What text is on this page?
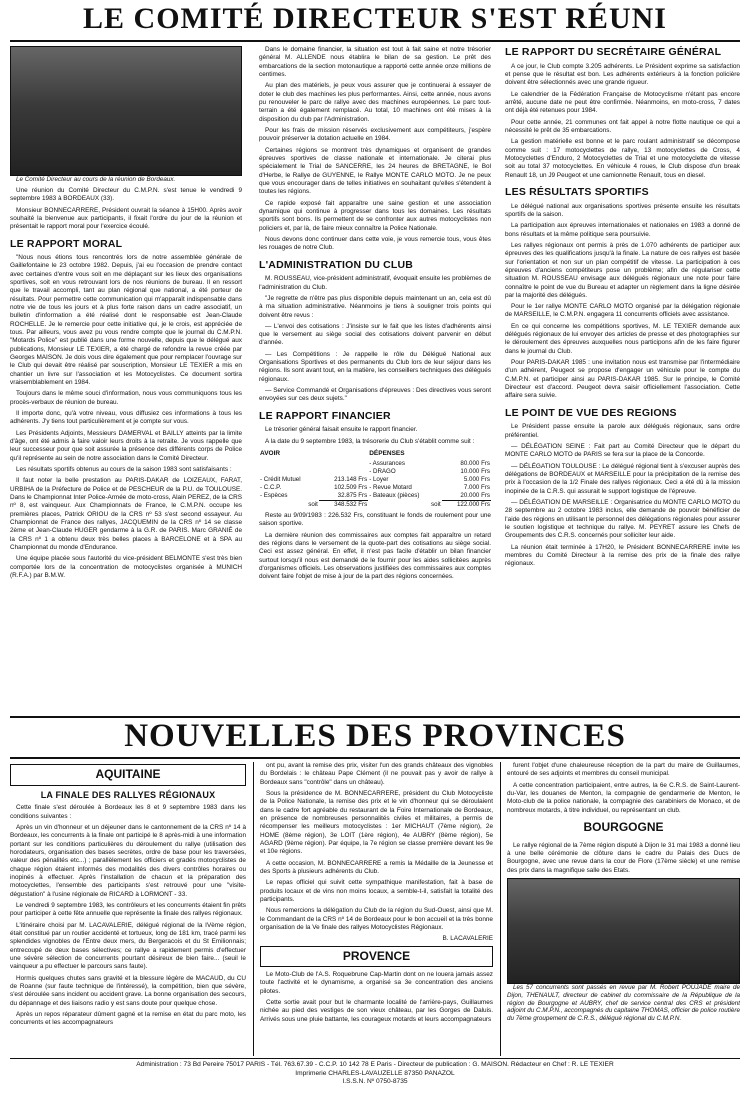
LE COMITÉ DIRECTEUR S'EST RÉUNI

Le Comité Directeur au cours de la réunion de Bordeaux.

Une réunion du Comité Directeur du C.M.P.N. s'est tenue le vendredi 9 septembre 1983 à BORDEAUX (33).

Monsieur BONNECARRERE, Président ouvrait la séance à 15H00. Après avoir souhaité la bienvenue aux participants, il fixait l'ordre du jour de la réunion et présentait le rapport moral pour l'exercice écoulé.

LE RAPPORT MORAL

"Nous nous étions tous rencontrés lors de notre assemblée générale de Gaillefontaine le 23 octobre 1982. Depuis, j'ai eu l'occasion de prendre contact avec certaines d'entre vous soit en me déplaçant sur les lieux des organisations sportives, soit en vous retrouvant lors de nos réunions de bureau. Il en ressort que le travail accompli, tant au plan régional que national, a été porteur de résultats. Pour permettre cette communication qui m'apparaît indispensable dans notre vie de tous les jours et à plus forte raison dans un cadre associatif, un bulletin d'information a été réalisé dont le responsable est Jean-Claude ROCHELLE. Je le remercie pour cette initiative qui, je le crois, est appréciée de tous. Par ailleurs, vous avez pu vous rendre compte que le journal du C.M.P.N. "Motards Police" est publié dans une forme nouvelle, depuis que le délégué aux publications, Monsieur LE TEXIER, a été chargé de refondre la revue créée par Georges MAISON. Je dois vous dire également que pour remplacer l'ouvrage sur le Club qui devait être réalisé par souscription, Monsieur LE TEXIER a mis en chantier un livre sur l'association et les Motocyclistes. Ce document sortira vraisemblablement en 1984.

Toujours dans le même souci d'information, nous vous communiquons tous les procès-verbaux de réunion de bureau.

Il importe donc, qu'à votre niveau, vous diffusiez ces informations à tous les adhérents. J'y tiens tout particulièrement et je compte sur vous.

Les Présidents Adjoints, Messieurs DAMERVAL et BAILLY atteints par la limite d'âge, ont été admis à faire valoir leurs droits à la retraite. Je vous rappelle que leur successeur pour que soit assurée la présence des différents corps de Police qu'il représente au sein de notre association dans le Comité Directeur.

Les résultats sportifs obtenus au cours de la saison 1983 sont satisfaisants :

Il faut noter la belle prestation au PARIS-DAKAR de LOIZEAUX, FARAT, URBIHA de la Préfecture de Police et de PESCHEUR de la P.U. de TOULOUSE. Dans le Championnat Inter Police-Armée de moto-cross, Alain PEREZ, de la CRS nº 8, est vainqueur. Aux Championnats de France, le C.M.P.N. occupe les premières places, Patrick ORIOU de la CRS nº 53 s'est second essayeur. Au Championnat de France des rallyes, JACQUEMIN de la CRS nº 14 se classe 2ème et Jean-Claude HUGER gendarme à la G.R. de PARIS. Marc GRANIÉ de la CRS nº 1 a obtenu deux très belles places à BARCELONE et à SPA au Championnat du monde d'Endurance.

Une équipe placée sous l'autorité du vice-président BELMONTE s'est très bien comportée lors de la concentration de motocyclistes organisée à MUNICH (R.F.A.) par B.M.W.

Dans le domaine financier, la situation est tout à fait saine et notre trésorier général M. ALLENDE nous établira le bilan de sa gestion. Le prêt des embarcations de la section motonautique a rapporté cette année onze millions de centimes.

Au plan des matériels, je peux vous assurer que je continuerai à essayer de doter le club des machines les plus performantes. Ainsi, cette année, nous avons pu renouveler le parc de rallye avec des machines européennes. Le parc tout-terrain a été également remplacé. Au total, 10 machines ont été mises à la disposition du club par l'Administration.

Pour les frais de mission réservés exclusivement aux compétiteurs, j'espère pouvoir préserver la dotation actuelle en 1984.

Certaines régions se montrent très dynamiques et organisent de grandes épreuves sportives de classe nationale et internationale. Je citerai plus spécialement le Trial de SANCERRE, les 24 heures de BRETAGNE, le Bol d'Herbe, le Rallye de GUYENNE, le Rallye MONTE CARLO MOTO. Je ne peux que vous encourager dans de telles initiatives en souhaitant qu'elles s'étendent à toutes les régions.

Ce rapide exposé fait apparaître une saine gestion et une association dynamique qui continue à progresser dans tous les domaines. Les résultats sportifs sont bons. Ils permettent de se confronter aux autres motocyclistes non policiers et, par là, de faire mieux connaître la Police Nationale.

Nous devons donc continuer dans cette voie, je vous remercie tous, vous êtes les rouages de notre Club.

L'ADMINISTRATION DU CLUB

M. ROUSSEAU, vice-président administratif, évoquait ensuite les problèmes de l'administration du Club.

"Je regrette de n'être pas plus disponible depuis maintenant un an, cela est dû à ma situation administrative. Néanmoins je tiens à souligner trois points qui doivent être revus :

— L'envoi des cotisations : J'insiste sur le fait que les listes d'adhérents ainsi que le versement au siège social des cotisations doivent parvenir en début d'année.

— Les Compétitions : Je rappelle le rôle du Délégué National aux Organisations Sportives et des permanents du Club lors de leur séjour dans les régions. Ils sont avant tout, en la matière, les conseillers techniques des délégués régionaux.

— Service Commandé et Organisations d'épreuves : Des directives vous seront envoyées sur ces deux sujets."

LE RAPPORT FINANCIER

Le trésorier général faisait ensuite le rapport financier.

A la date du 9 septembre 1983, la trésorerie du Club s'établit comme suit :

AVOIR		DÉPENSES	
		- Assurances	80.000 Frs
		- DRAGO	10.000 Frs
- Crédit Mutuel	213.148 Frs	- Loyer	5.000 Frs
- C.C.P.	102.509 Frs	- Revue Motard	7.000 Frs
- Espèces	32.875 Frs	- Bateaux (pièces)	20.000 Frs
soit	348.532 Frs	soit	122.000 Frs

Reste au 9/09/1983 : 226.532 Frs, constituant le fonds de roulement pour une saison sportive.

La dernière réunion des commissaires aux comptes fait apparaître un retard des régions dans le versement de la quote-part des cotisations au siège social. Ceci est assez général. En effet, il n'est pas facile d'établir un bilan financier surtout lorsqu'il nous est demandé de le fournir pour les aides sollicitées auprès d'organismes officiels. Les observations justifiées des commissaires aux comptes doivent faire l'objet de mise à jour de la part des régions concernées.

LE RAPPORT DU SECRÉTAIRE GÉNÉRAL

A ce jour, le Club compte 3.205 adhérents. Le Président exprime sa satisfaction et pense que le résultat est bon. Les adhérents extérieurs à la fonction policière doivent être sélectionnés avec une grande rigueur.

Le calendrier de la Fédération Française de Motocyclisme n'étant pas encore arrêté, aucune date ne peut être confirmée. Néanmoins, en moto-cross, 7 dates ont déjà été retenues pour 1984.

Pour cette année, 21 communes ont fait appel à notre flotte nautique ce qui a nécessité le prêt de 35 embarcations.

La gestion matérielle est bonne et le parc roulant administratif se décompose comme suit : 17 motocyclettes de rallye, 13 motocyclettes de Cross, 4 Motocyclettes d'Enduro, 2 Motocyclettes de Trial et une motocyclette de vitesse soit au total 37 motocyclettes. En véhicule 4 roues, le Club dispose d'un break Renault 18, un J9 Peugeot et une camionnette Renault, tous en diesel.

LES RÉSULTATS SPORTIFS

Le délégué national aux organisations sportives présente ensuite les résultats sportifs de la saison.

La participation aux épreuves internationales et nationales en 1983 a donné de bons résultats et la même politique sera poursuivie.

Les rallyes régionaux ont permis à près de 1.070 adhérents de participer aux épreuves des les qualifications jusqu'à la finale. La nature de ces rallyes est basée sur l'orientation et non sur un plan compétitif de vitesse. La participation à ces épreuves d'anciens compétiteurs pose un problème; afin de régulariser cette situation M. ROUSSEAU envisage aux délégués régionaux une note pour faire connaître le point de vue du Bureau et adapter un règlement dans la ligne désirée par la majorité des délégués.

Pour le 1er rallye MONTE CARLO MOTO organisé par la délégation régionale de MARSEILLE, le C.M.P.N. engagera 11 concurrents officiels avec assistance.

En ce qui concerne les compétitions sportives, M. LE TEXIER demande aux délégués régionaux de lui envoyer des articles de presse et des photographies sur le déroulement des épreuves auxquelles nous participons afin de les faire figurer dans le journal du Club.

Pour PARIS-DAKAR 1985 : une invitation nous est transmise par l'intermédiaire d'un adhérent, Peugeot se propose d'engager un véhicule pour le compte du C.M.P.N. et participer ainsi au PARIS-DAKAR 1985. Sur le principe, le Comité Directeur est d'accord. Peugeot devra saisir officiellement l'association. Cette affaire sera suivie.

LE POINT DE VUE DES REGIONS

Le Président passe ensuite la parole aux délégués régionaux, sans ordre préférentiel.

— DÉLÉGATION SEINE : Fait part au Comité Directeur que le départ du MONTE CARLO MOTO de PARIS se fera sur la place de la Concorde.

— DÉLÉGATION TOULOUSE : Le délégué régional tient à s'excuser auprès des délégations de BORDEAUX et MARSEILLE pour la précipitation de la remise des prix à l'occasion de la 1/2 Finale des rallyes régionaux. Ceci a été dû à la mission inopinée de la C.R.S. qui assurait le support logistique de l'épreuve.

— DÉLÉGATION DE MARSEILLE : Organisatrice du MONTE CARLO MOTO du 28 septembre au 2 octobre 1983 inclus, elle demande de pouvoir bénéficier de l'aide des régions en utilisant le personnel des délégations régionales pour assurer le soutien logistique et technique du rallye. M. PEYRET assure les Chefs de Groupements des C.R.S. concernés pour solliciter leur aide.

La réunion était terminée à 17H20, le Président BONNECARRERE invite les membres du Comité Directeur à la remise des prix de la finale des rallye régionaux.

NOUVELLES DES PROVINCES
AQUITAINE
LA FINALE DES RALLYES RÉGIONAUX

Cette finale s'est déroulée à Bordeaux les 8 et 9 septembre 1983 dans les conditions suivantes :

Après un vin d'honneur et un déjeuner dans le cantonnement de la CRS nº 14 à Bordeaux, les concurrents à la finale ont participé le 8 après-midi à une information portant sur les conditions particulières du déroulement du rallye (utilisation des horodateurs, organisation des bases secrètes, ordre de base pour les traversées, valeur des pénalités etc...) ; parallèlement les officiers et gradés motocyclistes de chaque région étaient informés des modalités des divers contrôles horaires ou inopinés à effectuer. Après l'installation de chacun et la préparation des motocyclettes, l'ensemble des participants s'est retrouvé pour une "visite-dégustation" à l'usine régionale de RICARD à LORMONT - 33.

Le vendredi 9 septembre 1983, les contrôleurs et les concurrents étaient fin prêts pour participer à cette fête annuelle que représente la finale des rallyes régionaux.

L'itinéraire choisi par M. LACAVALERIE, délégué régional de la IVème région, était constitué par un routier accidenté et tortueux, long de 181 km, tracé parmi les splendides vignobles de l'Entre deux mers, du Bergeracois et du St Emilionnais; entrecoupé de deux bases sélectives; ce rallye a rapidement permis d'effectuer une sévère sélection de concurrents pourtant désireux de bien faire... (seuil le vainqueur a pu effectuer le parcours sans faute).

Hormis quelques chutes sans gravité et la blessure légère de MACAUD, du CU de Roanne (sur faute technique de l'intéressé), la compétition, bien que sévère, s'est déroulée sans incident ou accident grave. La bonne organisation des secours, du dépannage et des liaisons radio y est sans doute pour quelque chose.

Après un repos réparateur dûment gagné et la remise en état du parc moto, les concurrents et les accompagnateurs

ont pu, avant la remise des prix, visiter l'un des grands châteaux des vignobles du Bordelais : le château Pape Clément (il ne pouvait pas y avoir de rallye à Bordeaux sans "contrôle" dans un château).

Sous la présidence de M. BONNECARRERE, président du Club Motocycliste de la Police Nationale, la remise des prix et le vin d'honneur qui se déroulaient dans le cadre fort agréable du restaurant de la Foire Internationale de Bordeaux, en présence de nombreuses personnalités civiles et militaires, a permis de récompenser les meilleurs motocyclistes : 1er MICHAUT (7ème région), 2e HOME (8ème région), 3e LOIT (1ère région), 4e AUBRY (8ème région), 5e AGARD (9ème région). Par équipe, la 7e région se classe première devant les 9e et 10e régions.

A cette occasion, M. BONNECARRERE a remis la Médaille de la Jeunesse et des Sports à plusieurs adhérents du Club.

Le repas officiel qui suivit cette sympathique manifestation, fait à base de produits locaux et de vins non moins locaux, a semble-t-il, satisfait la totalité des participants.

Nous remercions la délégation du Club de la région du Sud-Ouest, ainsi que M. le Commandant de la CRS nº 14 de Bordeaux pour le bon accueil et la très bonne organisation de la Ve finale des rallyes Motocyclistes Régionaux.

B. LACAVALERIE
PROVENCE

Le Moto-Club de l'A.S. Roquebrune Cap-Martin dont on ne louera jamais assez toute l'activité et le dynamisme, a organisé sa 3e concentration des anciens pilotes.

Cette sortie avait pour but le charmante localité de l'arrière-pays, Guillaumes nichée au pied des vestiges de son vieux château, par les Gorges de Daluis. Arrivés sous une pluie battante, les courageux motards et leurs accompagnateurs

furent l'objet d'une chaleureuse réception de la part du maire de Guillaumes, entouré de ses adjoints et membres du conseil municipal.

A cette concentration participaient, entre autres, la 6e C.R.S. de Saint-Laurent-du-Var, les douanes de Menton, la compagnie de gendarmerie de Menton, le Moto-club de la police nationale, la compagnie des carabiniers de Monaco, et de nombreux motards, à titre individuel, ou représentant un club.

BOURGOGNE

Le rallye régional de la 7ème région disputé à Dijon le 31 mai 1983 a donné lieu à une belle cérémonie de clôture dans le cadre du Palais des Ducs de Bourgogne, avec une revue dans la cour de Flore (17ème siècle) et une remise des prix dans la magnifique salle des Etats.

Les 57 concurrents sont passés en revue par M. Robert POUJADE maire de Dijon, THENAULT, directeur de cabinet du commissaire de la République de la région de Bourgogne et AUBRY, chef de service central des CRS et président adjoint du C.M.P.N., accompagnés du capitaine THOMAS, officier de police routière du 7ème groupement de C.R.S., délégué régional du C.M.P.N.

Administration : 73 Bd Pereire 75017 PARIS - Tél. 763.67.39 - C.C.P. 10 142 78 E Paris - Directeur de publication : G. MAISON. Rédacteur en Chef : R. LE TEXIER
Imprimerie CHARLES-LAVAUZELLE 87350 PANAZOL
I.S.S.N. Nº 0750-8735
